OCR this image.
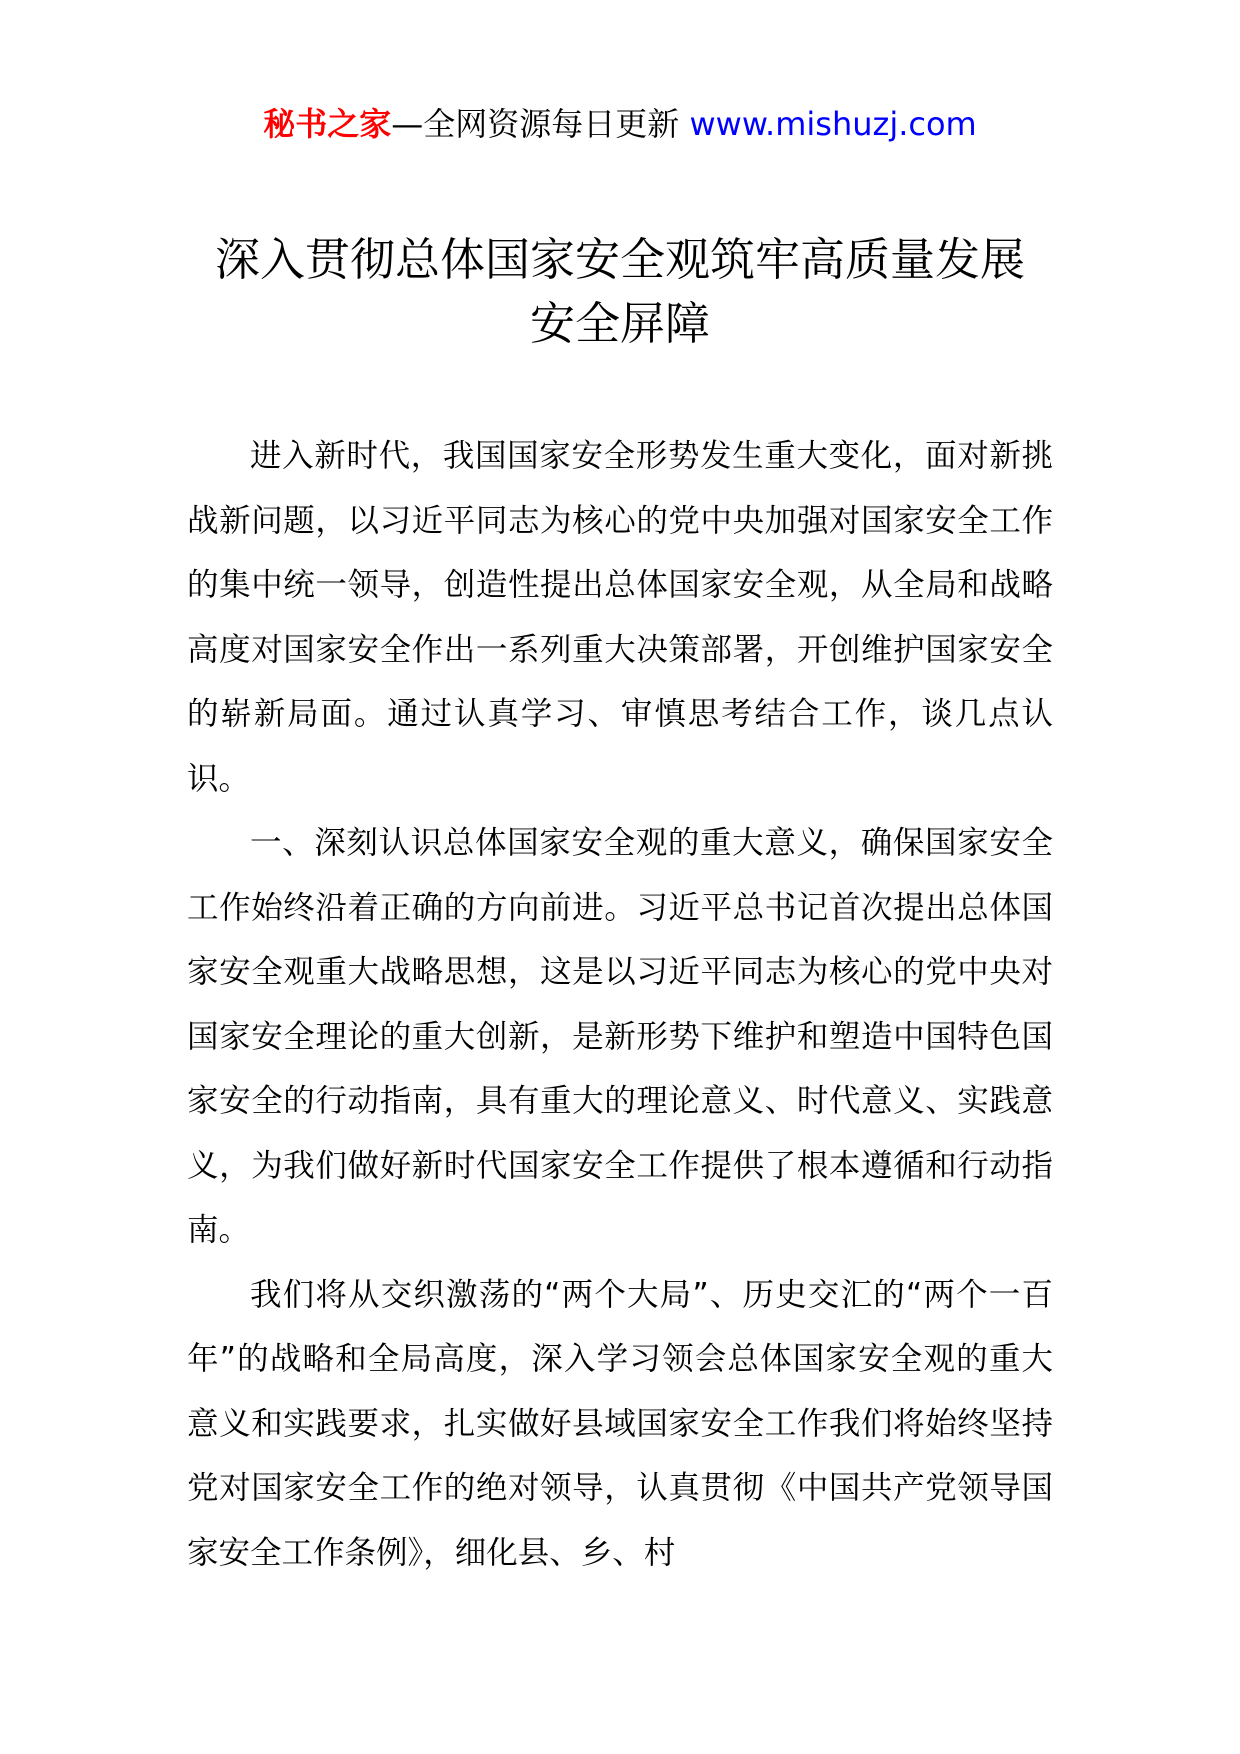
秘书之家—全网资源每日更新 www.mishuzj.com
深入贯彻总体国家安全观筑牢高质量发展
安全屏障

进入新时代，我国国家安全形势发生重大变化，面对新挑战新问题，以习近平同志为核心的党中央加强对国家安全工作的集中统一领导，创造性提出总体国家安全观，从全局和战略高度对国家安全作出一系列重大决策部署，开创维护国家安全的崭新局面。通过认真学习、审慎思考结合工作，谈几点认识。

一、深刻认识总体国家安全观的重大意义，确保国家安全工作始终沿着正确的方向前进。习近平总书记首次提出总体国家安全观重大战略思想，这是以习近平同志为核心的党中央对国家安全理论的重大创新，是新形势下维护和塑造中国特色国家安全的行动指南，具有重大的理论意义、时代意义、实践意义，为我们做好新时代国家安全工作提供了根本遵循和行动指南。

我们将从交织激荡的“两个大局”、历史交汇的“两个一百年”的战略和全局高度，深入学习领会总体国家安全观的重大意义和实践要求，扎实做好县域国家安全工作我们将始终坚持党对国家安全工作的绝对领导，认真贯彻《中国共产党领导国家安全工作条例》，细化县、乡、村
